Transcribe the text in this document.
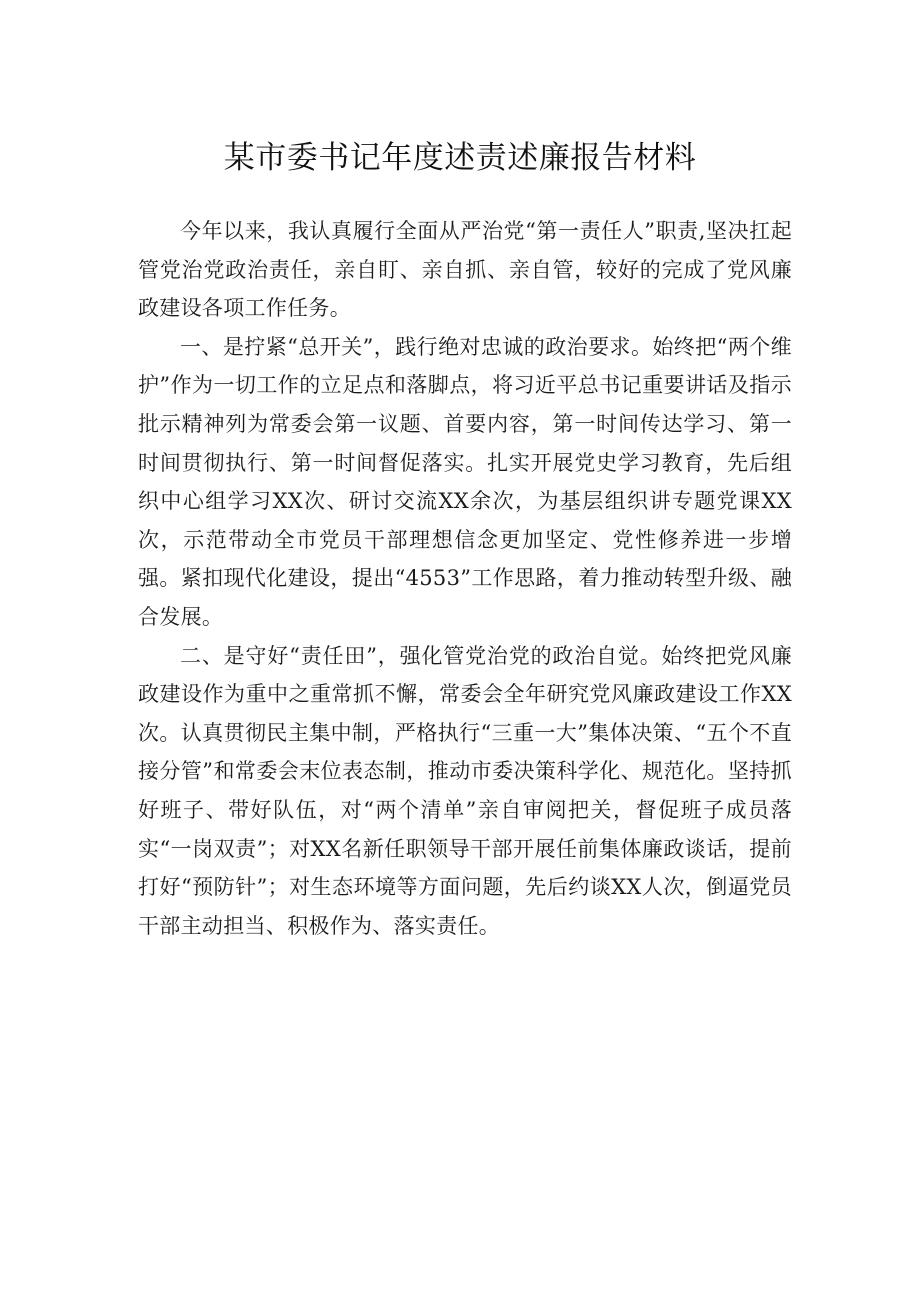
某市委书记年度述责述廉报告材料

今年以来，我认真履行全面从严治党“第一责任人”职责,坚决扛起管党治党政治责任，亲自盯、亲自抓、亲自管，较好的完成了党风廉政建设各项工作任务。

一、是拧紧“总开关”，践行绝对忠诚的政治要求。始终把“两个维护”作为一切工作的立足点和落脚点，将习近平总书记重要讲话及指示批示精神列为常委会第一议题、首要内容，第一时间传达学习、第一时间贯彻执行、第一时间督促落实。扎实开展党史学习教育，先后组织中心组学习XX次、研讨交流XX余次，为基层组织讲专题党课XX次，示范带动全市党员干部理想信念更加坚定、党性修养进一步增强。紧扣现代化建设，提出“4553”工作思路，着力推动转型升级、融合发展。

二、是守好“责任田”，强化管党治党的政治自觉。始终把党风廉政建设作为重中之重常抓不懈，常委会全年研究党风廉政建设工作XX次。认真贯彻民主集中制，严格执行“三重一大”集体决策、“五个不直接分管”和常委会末位表态制，推动市委决策科学化、规范化。坚持抓好班子、带好队伍，对“两个清单”亲自审阅把关，督促班子成员落实“一岗双责”；对XX名新任职领导干部开展任前集体廉政谈话，提前打好“预防针”；对生态环境等方面问题，先后约谈XX人次，倒逼党员干部主动担当、积极作为、落实责任。
